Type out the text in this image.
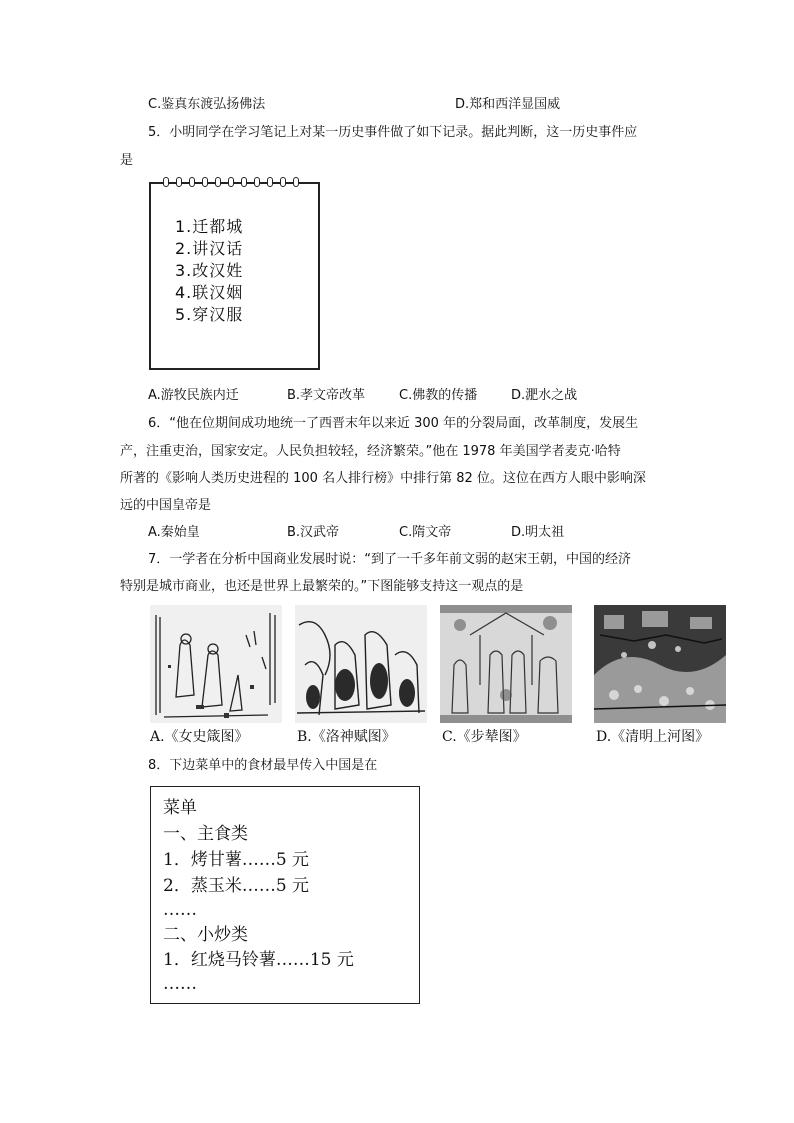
C.鉴真东渡弘扬佛法	D.郑和西洋显国威
5．小明同学在学习笔记上对某一历史事件做了如下记录。据此判断，这一历史事件应
是
1.迁都城
2.讲汉话
3.改汉姓
4.联汉姻
5.穿汉服
A.游牧民族内迁	B.孝文帝改革	C.佛教的传播	D.淝水之战
6．“他在位期间成功地统一了西晋末年以来近 300 年的分裂局面，改革制度，发展生
产，注重吏治，国家安定。人民负担较轻，经济繁荣。”他在 1978 年美国学者麦克·哈特
所著的《影响人类历史进程的 100 名人排行榜》中排行第 82 位。这位在西方人眼中影响深
远的中国皇帝是
A.秦始皇	B.汉武帝	C.隋文帝	D.明太祖
7．一学者在分析中国商业发展时说：“到了一千多年前文弱的赵宋王朝，中国的经济
特别是城市商业，也还是世界上最繁荣的。”下图能够支持这一观点的是
A.《女史箴图》	B.《洛神赋图》	C.《步辇图》	D.《清明上河图》
8．下边菜单中的食材最早传入中国是在
菜单
一、主食类
1．烤甘薯……5 元
2．蒸玉米……5 元
……
二、小炒类
1．红烧马铃薯……15 元
……
